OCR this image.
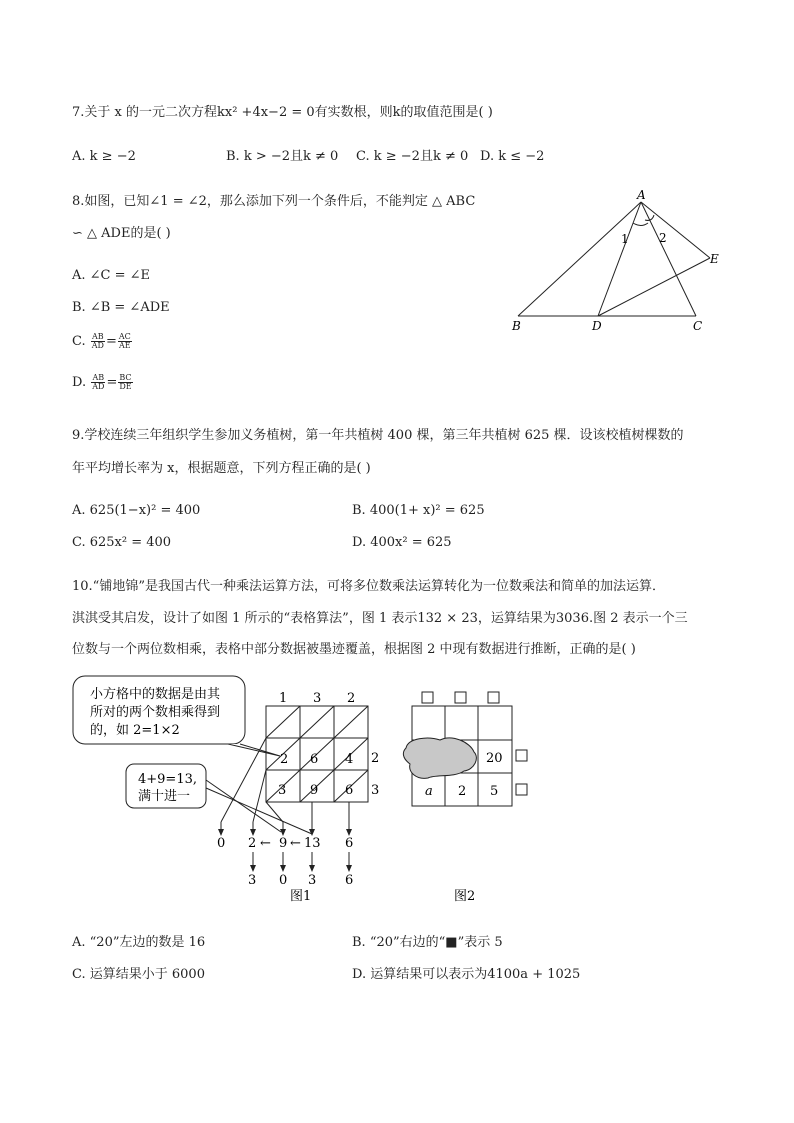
7.关于 x 的一元二次方程kx² +4x−2 = 0有实数根，则k的取值范围是( )
A. k ≥ −2	B. k > −2且k ≠ 0 C. k ≥ −2且k ≠ 0 D. k ≤ −2
8.如图，已知∠1 = ∠2，那么添加下列一个条件后，不能判定 △ ABC
∽ △ ADE的是( )
A. ∠C = ∠E
B. ∠B = ∠ADE
C. $\frac{AB}{AD} = \frac{AC}{AE}$
D. $\frac{AB}{AD} = \frac{BC}{DE}$
A
B	C
D
E
1	2
9.学校连续三年组织学生参加义务植树，第一年共植树 400 棵，第三年共植树 625 棵．设该校植树棵数的
年平均增长率为 x，根据题意，下列方程正确的是( )
A. 625(1−x)² = 400	B. 400(1+ x)² = 625
C. 625x² = 400	D. 400x² = 625
10.“铺地锦”是我国古代一种乘法运算方法，可将多位数乘法运算转化为一位数乘法和简单的加法运算．
淇淇受其启发，设计了如图 1 所示的“表格算法”，图 1 表示132 × 23，运算结果为3036.图 2 表示一个三
位数与一个两位数相乘，表格中部分数据被墨迹覆盖，根据图 2 中现有数据进行推断，正确的是( )
小方格中的数据是由其
所对的两个数相乘得到
的，如 2=1×2
4+9=13,
满十进一
1 3 2
2
3
2 6 4
3 9 6
0 2 ← 9 ← 13 6
3 0 3 6
图1
20
a 2 5
图2
A. “20”左边的数是 16	B. “20”右边的“■”表示 5
C. 运算结果小于 6000	D. 运算结果可以表示为4100a + 1025
